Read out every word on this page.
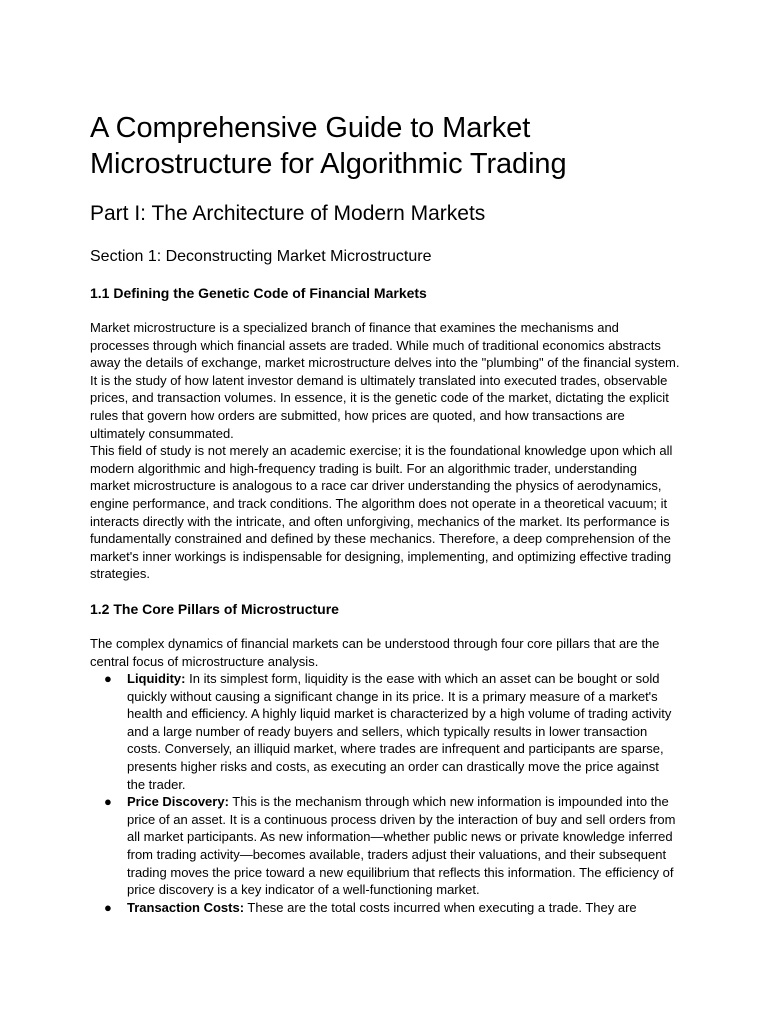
A Comprehensive Guide to Market Microstructure for Algorithmic Trading
Part I: The Architecture of Modern Markets
Section 1: Deconstructing Market Microstructure
1.1 Defining the Genetic Code of Financial Markets

Market microstructure is a specialized branch of finance that examines the mechanisms and processes through which financial assets are traded. While much of traditional economics abstracts away the details of exchange, market microstructure delves into the "plumbing" of the financial system. It is the study of how latent investor demand is ultimately translated into executed trades, observable prices, and transaction volumes. In essence, it is the genetic code of the market, dictating the explicit rules that govern how orders are submitted, how prices are quoted, and how transactions are ultimately consummated.

This field of study is not merely an academic exercise; it is the foundational knowledge upon which all modern algorithmic and high-frequency trading is built. For an algorithmic trader, understanding market microstructure is analogous to a race car driver understanding the physics of aerodynamics, engine performance, and track conditions. The algorithm does not operate in a theoretical vacuum; it interacts directly with the intricate, and often unforgiving, mechanics of the market. Its performance is fundamentally constrained and defined by these mechanics. Therefore, a deep comprehension of the market's inner workings is indispensable for designing, implementing, and optimizing effective trading strategies.

1.2 The Core Pillars of Microstructure

The complex dynamics of financial markets can be understood through four core pillars that are the central focus of microstructure analysis.

● Liquidity: In its simplest form, liquidity is the ease with which an asset can be bought or sold quickly without causing a significant change in its price. It is a primary measure of a market's health and efficiency. A highly liquid market is characterized by a high volume of trading activity and a large number of ready buyers and sellers, which typically results in lower transaction costs. Conversely, an illiquid market, where trades are infrequent and participants are sparse, presents higher risks and costs, as executing an order can drastically move the price against the trader.
● Price Discovery: This is the mechanism through which new information is impounded into the price of an asset. It is a continuous process driven by the interaction of buy and sell orders from all market participants. As new information—whether public news or private knowledge inferred from trading activity—becomes available, traders adjust their valuations, and their subsequent trading moves the price toward a new equilibrium that reflects this information. The efficiency of price discovery is a key indicator of a well-functioning market.
● Transaction Costs: These are the total costs incurred when executing a trade. They are
